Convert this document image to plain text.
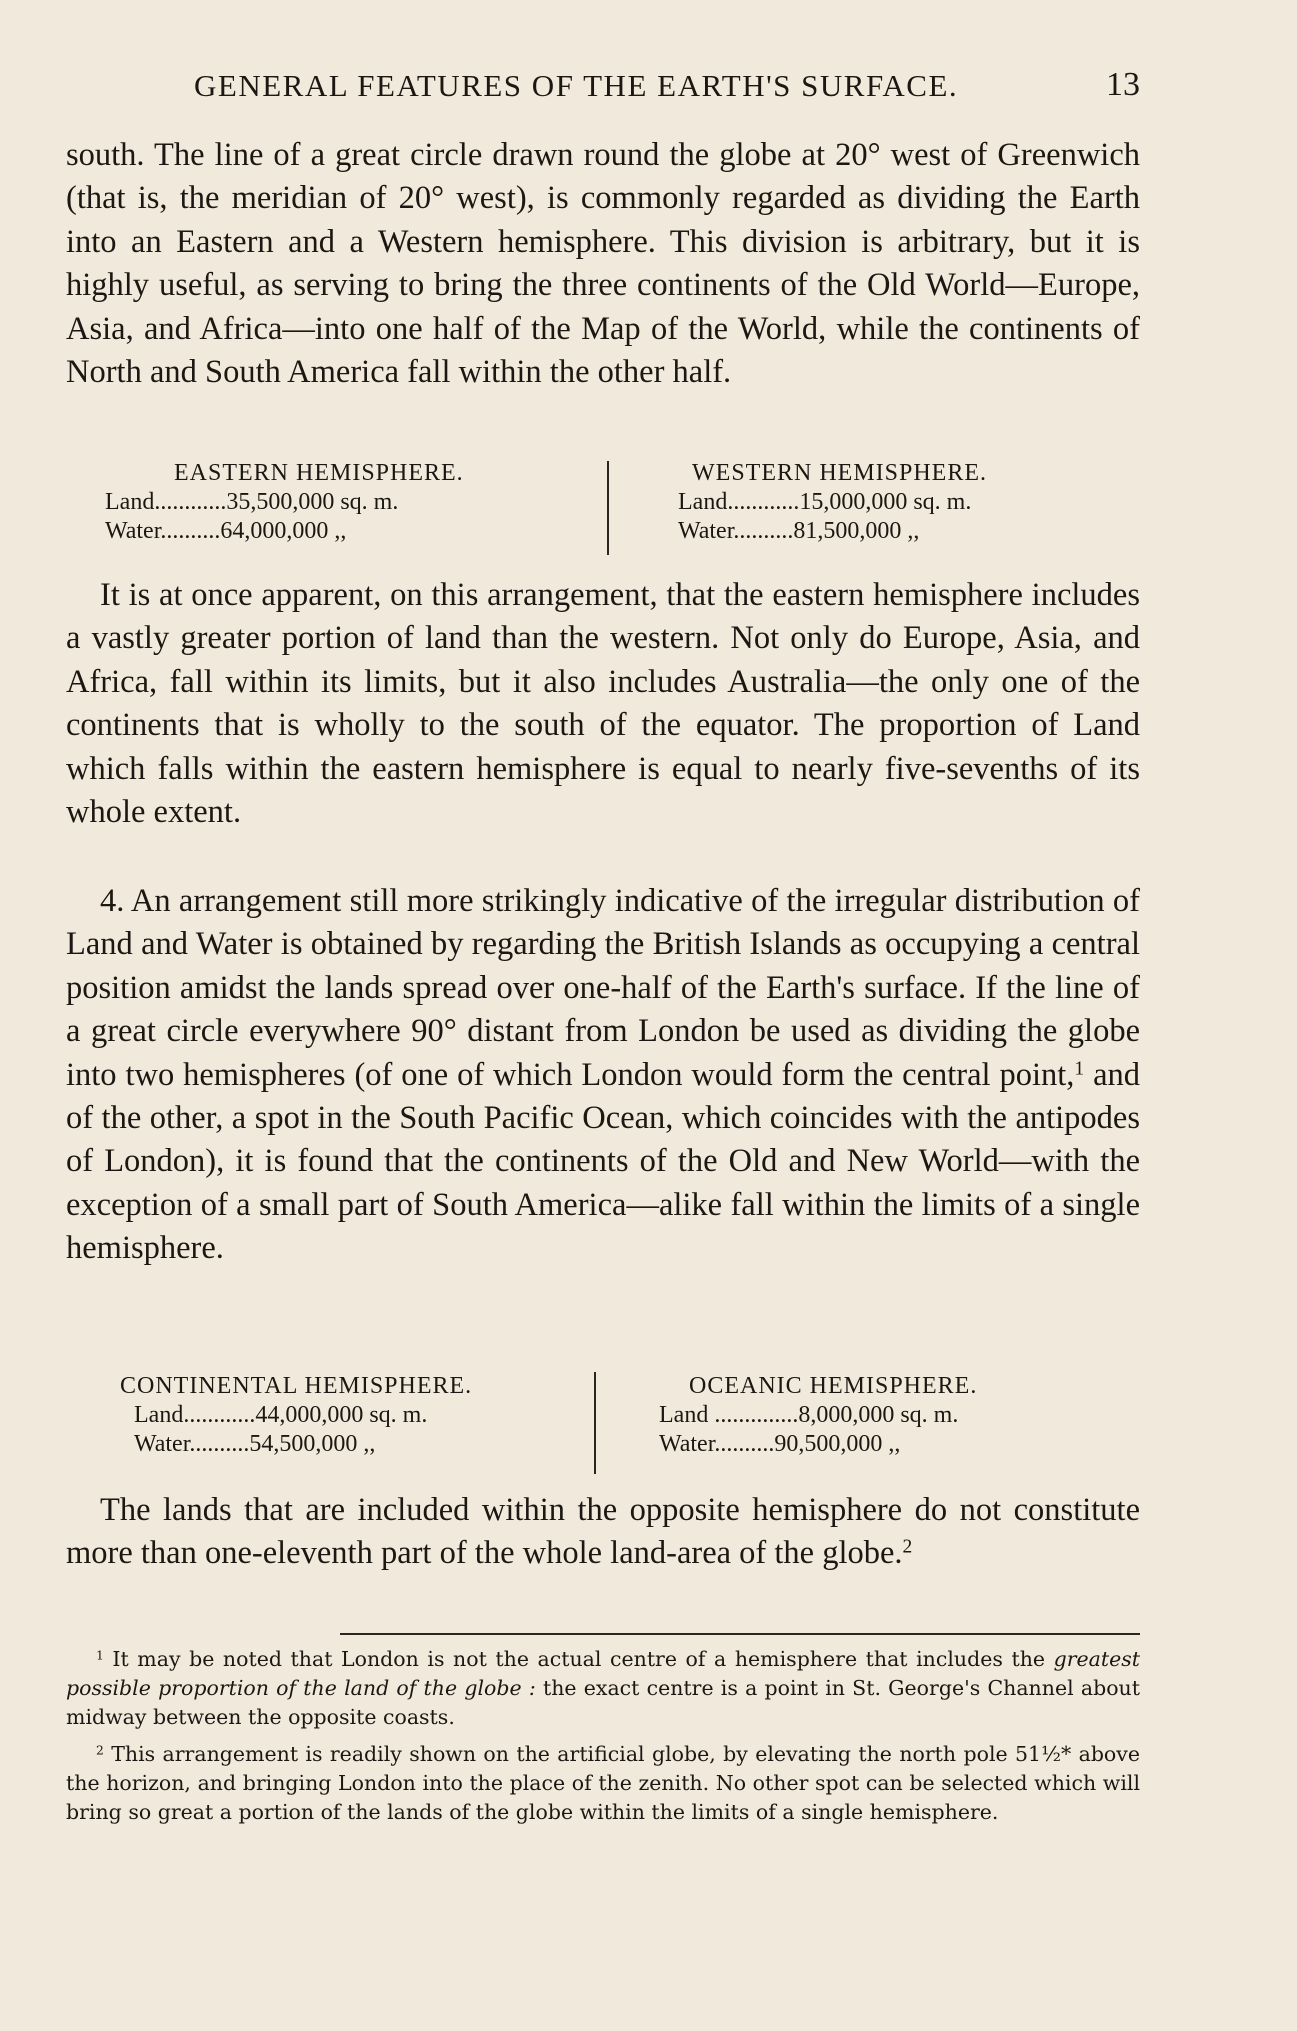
GENERAL FEATURES OF THE EARTH'S SURFACE.	13

south. The line of a great circle drawn round the globe at 20° west of Greenwich (that is, the meridian of 20° west), is commonly regarded as dividing the Earth into an Eastern and a Western hemisphere. This division is arbitrary, but it is highly useful, as serving to bring the three continents of the Old World—Europe, Asia, and Africa—into one half of the Map of the World, while the continents of North and South America fall within the other half.

EASTERN HEMISPHERE.
Land............35,500,000 sq. m.
Water..........64,000,000 ,,
WESTERN HEMISPHERE.
Land............15,000,000 sq. m.
Water..........81,500,000 ,,

It is at once apparent, on this arrangement, that the eastern hemisphere includes a vastly greater portion of land than the western. Not only do Europe, Asia, and Africa, fall within its limits, but it also includes Australia—the only one of the continents that is wholly to the south of the equator. The proportion of Land which falls within the eastern hemisphere is equal to nearly five-sevenths of its whole extent.

4. An arrangement still more strikingly indicative of the irregular distribution of Land and Water is obtained by regarding the British Islands as occupying a central position amidst the lands spread over one-half of the Earth's surface. If the line of a great circle everywhere 90° distant from London be used as dividing the globe into two hemispheres (of one of which London would form the central point,$^1$ and of the other, a spot in the South Pacific Ocean, which coincides with the antipodes of London), it is found that the continents of the Old and New World—with the exception of a small part of South America—alike fall within the limits of a single hemisphere.

CONTINENTAL HEMISPHERE.
Land............44,000,000 sq. m.
Water..........54,500,000 ,,
OCEANIC HEMISPHERE.
Land ..............8,000,000 sq. m.
Water..........90,500,000 ,,

The lands that are included within the opposite hemisphere do not constitute more than one-eleventh part of the whole land-area of the globe.$^2$

$^1$ It may be noted that London is not the actual centre of a hemisphere that includes the greatest possible proportion of the land of the globe : the exact centre is a point in St. George's Channel about midway between the opposite coasts.

$^2$ This arrangement is readily shown on the artificial globe, by elevating the north pole 51½* above the horizon, and bringing London into the place of the zenith. No other spot can be selected which will bring so great a portion of the lands of the globe within the limits of a single hemisphere.
